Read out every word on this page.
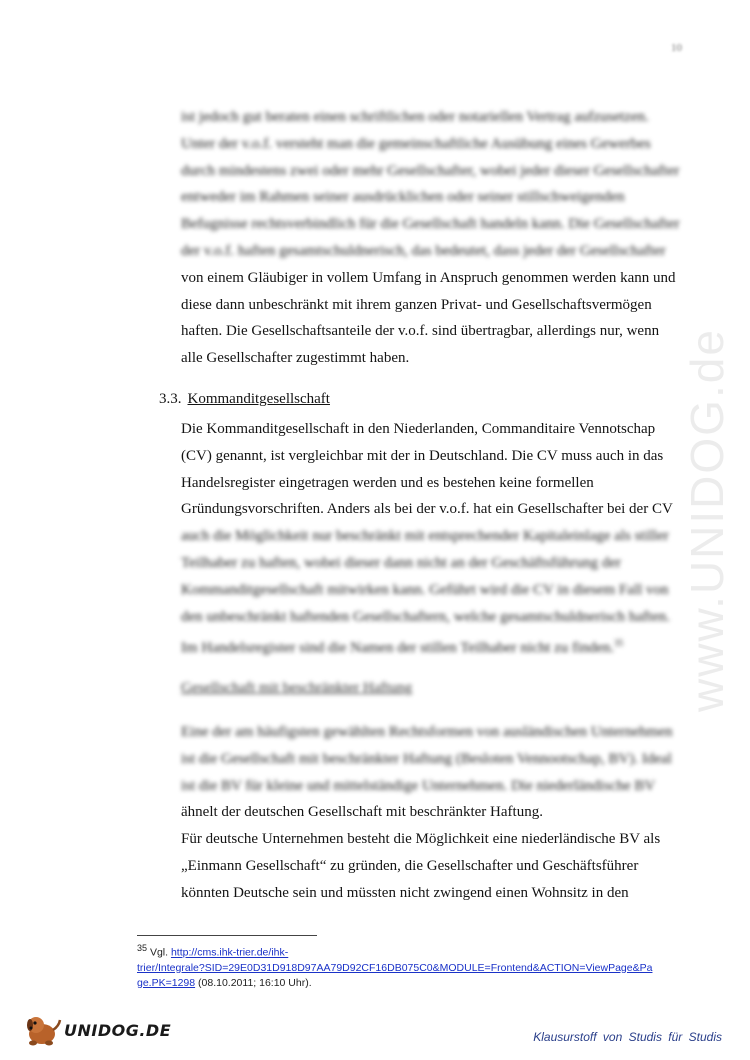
10
www.UNIDOG.de
ist jedoch gut beraten einen schriftlichen oder notariellen Vertrag aufzusetzen.
Unter der v.o.f. versteht man die gemeinschaftliche Ausübung eines Gewerbes
durch mindestens zwei oder mehr Gesellschafter, wobei jeder dieser Gesellschafter
entweder im Rahmen seiner ausdrücklichen oder seiner stillschweigenden
Befugnisse rechtsverbindlich für die Gesellschaft handeln kann. Die Gesellschafter
der v.o.f. haften gesamtschuldnerisch, das bedeutet, dass jeder der Gesellschafter
von einem Gläubiger in vollem Umfang in Anspruch genommen werden kann und
diese dann unbeschränkt mit ihrem ganzen Privat- und Gesellschaftsvermögen
haften. Die Gesellschaftsanteile der v.o.f. sind übertragbar, allerdings nur, wenn
alle Gesellschafter zugestimmt haben.
3.3. Kommanditgesellschaft
Die Kommanditgesellschaft in den Niederlanden, Commanditaire Vennotschap
(CV) genannt, ist vergleichbar mit der in Deutschland. Die CV muss auch in das
Handelsregister eingetragen werden und es bestehen keine formellen
Gründungsvorschriften. Anders als bei der v.o.f. hat ein Gesellschafter bei der CV
auch die Möglichkeit nur beschränkt mit entsprechender Kapitaleinlage als stiller
Teilhaber zu haften, wobei dieser dann nicht an der Geschäftsführung der
Kommanditgesellschaft mitwirken kann. Geführt wird die CV in diesem Fall von
den unbeschränkt haftenden Gesellschaftern, welche gesamtschuldnerisch haften.
Im Handelsregister sind die Namen der stillen Teilhaber nicht zu finden.$^{35}$
Gesellschaft mit beschränkter Haftung
Eine der am häufigsten gewählten Rechtsformen von ausländischen Unternehmen
ist die Gesellschaft mit beschränkter Haftung (Besloten Vennootschap, BV). Ideal
ist die BV für kleine und mittelständige Unternehmen. Die niederländische BV
ähnelt der deutschen Gesellschaft mit beschränkter Haftung.
Für deutsche Unternehmen besteht die Möglichkeit eine niederländische BV als
„Einmann Gesellschaft“ zu gründen, die Gesellschafter und Geschäftsführer
könnten Deutsche sein und müssten nicht zwingend einen Wohnsitz in den
35 Vgl. http://cms.ihk-trier.de/ihk-
trier/Integrale?SID=29E0D31D918D97AA79D92CF16DB075C0&MODULE=Frontend&ACTION=ViewPage&Pa
ge.PK=1298 (08.10.2011; 16:10 Uhr).
UNIDOG.DE	Klausurstoff von Studis für Studis
